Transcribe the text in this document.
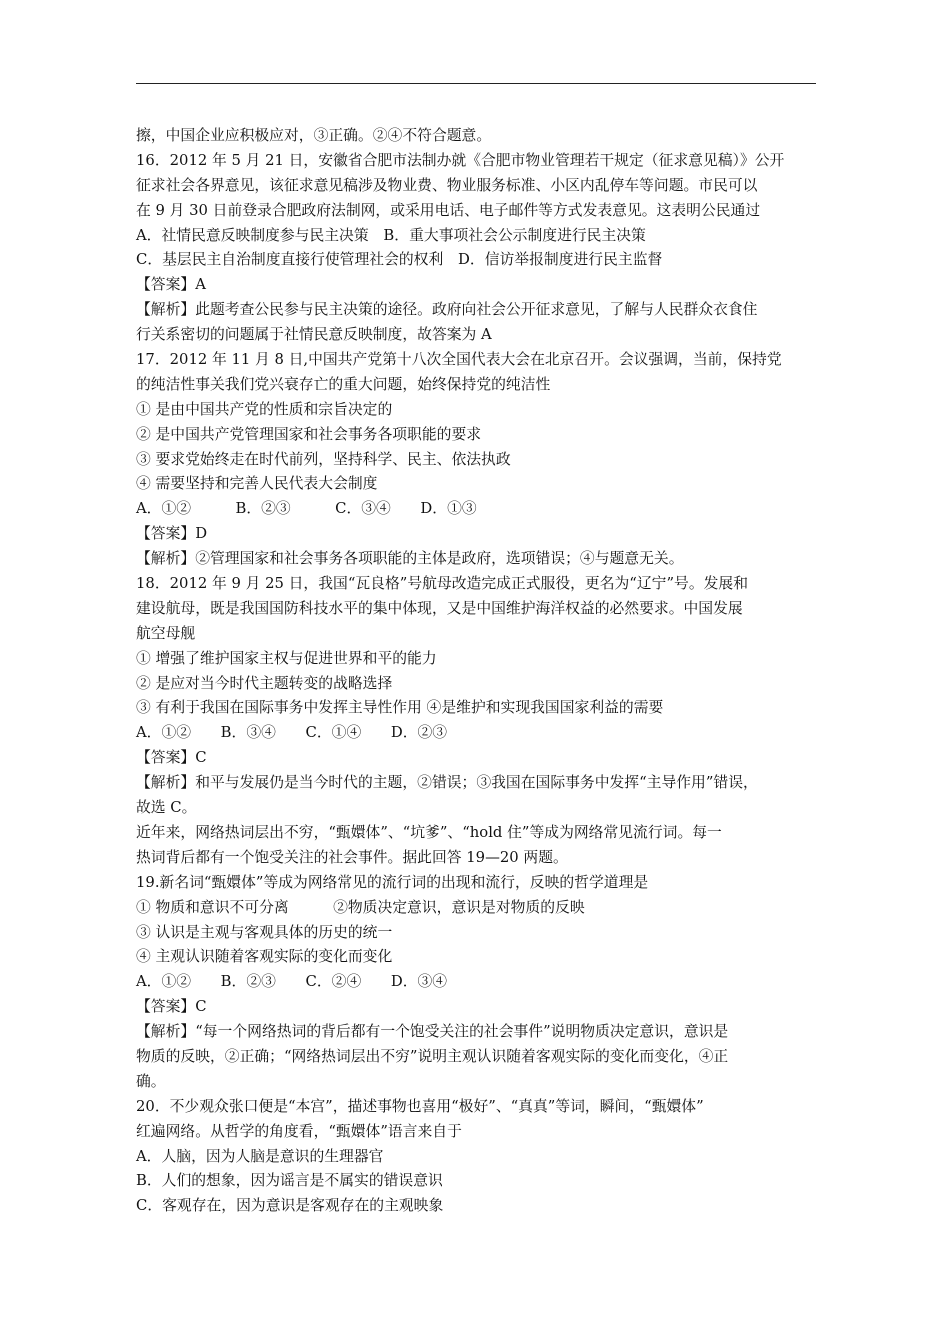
擦，中国企业应积极应对，③正确。②④不符合题意。
16．2012 年 5 月 21 日，安徽省合肥市法制办就《合肥市物业管理若干规定（征求意见稿）》公开
征求社会各界意见，该征求意见稿涉及物业费、物业服务标准、小区内乱停车等问题。市民可以
在 9 月 30 日前登录合肥政府法制网，或采用电话、电子邮件等方式发表意见。这表明公民通过
A．社情民意反映制度参与民主决策　B．重大事项社会公示制度进行民主决策
C．基层民主自治制度直接行使管理社会的权利　D．信访举报制度进行民主监督
【答案】A
【解析】此题考查公民参与民主决策的途径。政府向社会公开征求意见，了解与人民群众衣食住
行关系密切的问题属于社情民意反映制度，故答案为 A
17．2012 年 11 月 8 日,中国共产党第十八次全国代表大会在北京召开。会议强调，当前，保持党
的纯洁性事关我们党兴衰存亡的重大问题，始终保持党的纯洁性
① 是由中国共产党的性质和宗旨决定的
② 是中国共产党管理国家和社会事务各项职能的要求
③ 要求党始终走在时代前列，坚持科学、民主、依法执政
④ 需要坚持和完善人民代表大会制度
A．①②　　　B．②③　　　C．③④　　D．①③
【答案】D
【解析】②管理国家和社会事务各项职能的主体是政府，选项错误；④与题意无关。
18．2012 年 9 月 25 日，我国“瓦良格”号航母改造完成正式服役，更名为“辽宁”号。发展和
建设航母，既是我国国防科技水平的集中体现，又是中国维护海洋权益的必然要求。中国发展
航空母舰
① 增强了维护国家主权与促进世界和平的能力
② 是应对当今时代主题转变的战略选择
③ 有利于我国在国际事务中发挥主导性作用 ④是维护和实现我国国家利益的需要
A．①②　　B．③④　　C．①④　　D．②③
【答案】C
【解析】和平与发展仍是当今时代的主题，②错误；③我国在国际事务中发挥“主导作用”错误，
故选 C。
近年来，网络热词层出不穷，“甄嬛体”、“坑爹”、“hold 住”等成为网络常见流行词。每一
热词背后都有一个饱受关注的社会事件。据此回答 19—20 两题。
19.新名词“甄嬛体”等成为网络常见的流行词的出现和流行，反映的哲学道理是
① 物质和意识不可分离　　　②物质决定意识，意识是对物质的反映
③ 认识是主观与客观具体的历史的统一
④ 主观认识随着客观实际的变化而变化
A．①②　　B．②③　　C．②④　　D．③④
【答案】C
【解析】“每一个网络热词的背后都有一个饱受关注的社会事件”说明物质决定意识，意识是
物质的反映，②正确；“网络热词层出不穷”说明主观认识随着客观实际的变化而变化，④正
确。
20．不少观众张口便是“本宫”，描述事物也喜用“极好”、“真真”等词，瞬间，“甄嬛体”
红遍网络。从哲学的角度看，“甄嬛体”语言来自于
A．人脑，因为人脑是意识的生理器官
B．人们的想象，因为谣言是不属实的错误意识
C．客观存在，因为意识是客观存在的主观映象
